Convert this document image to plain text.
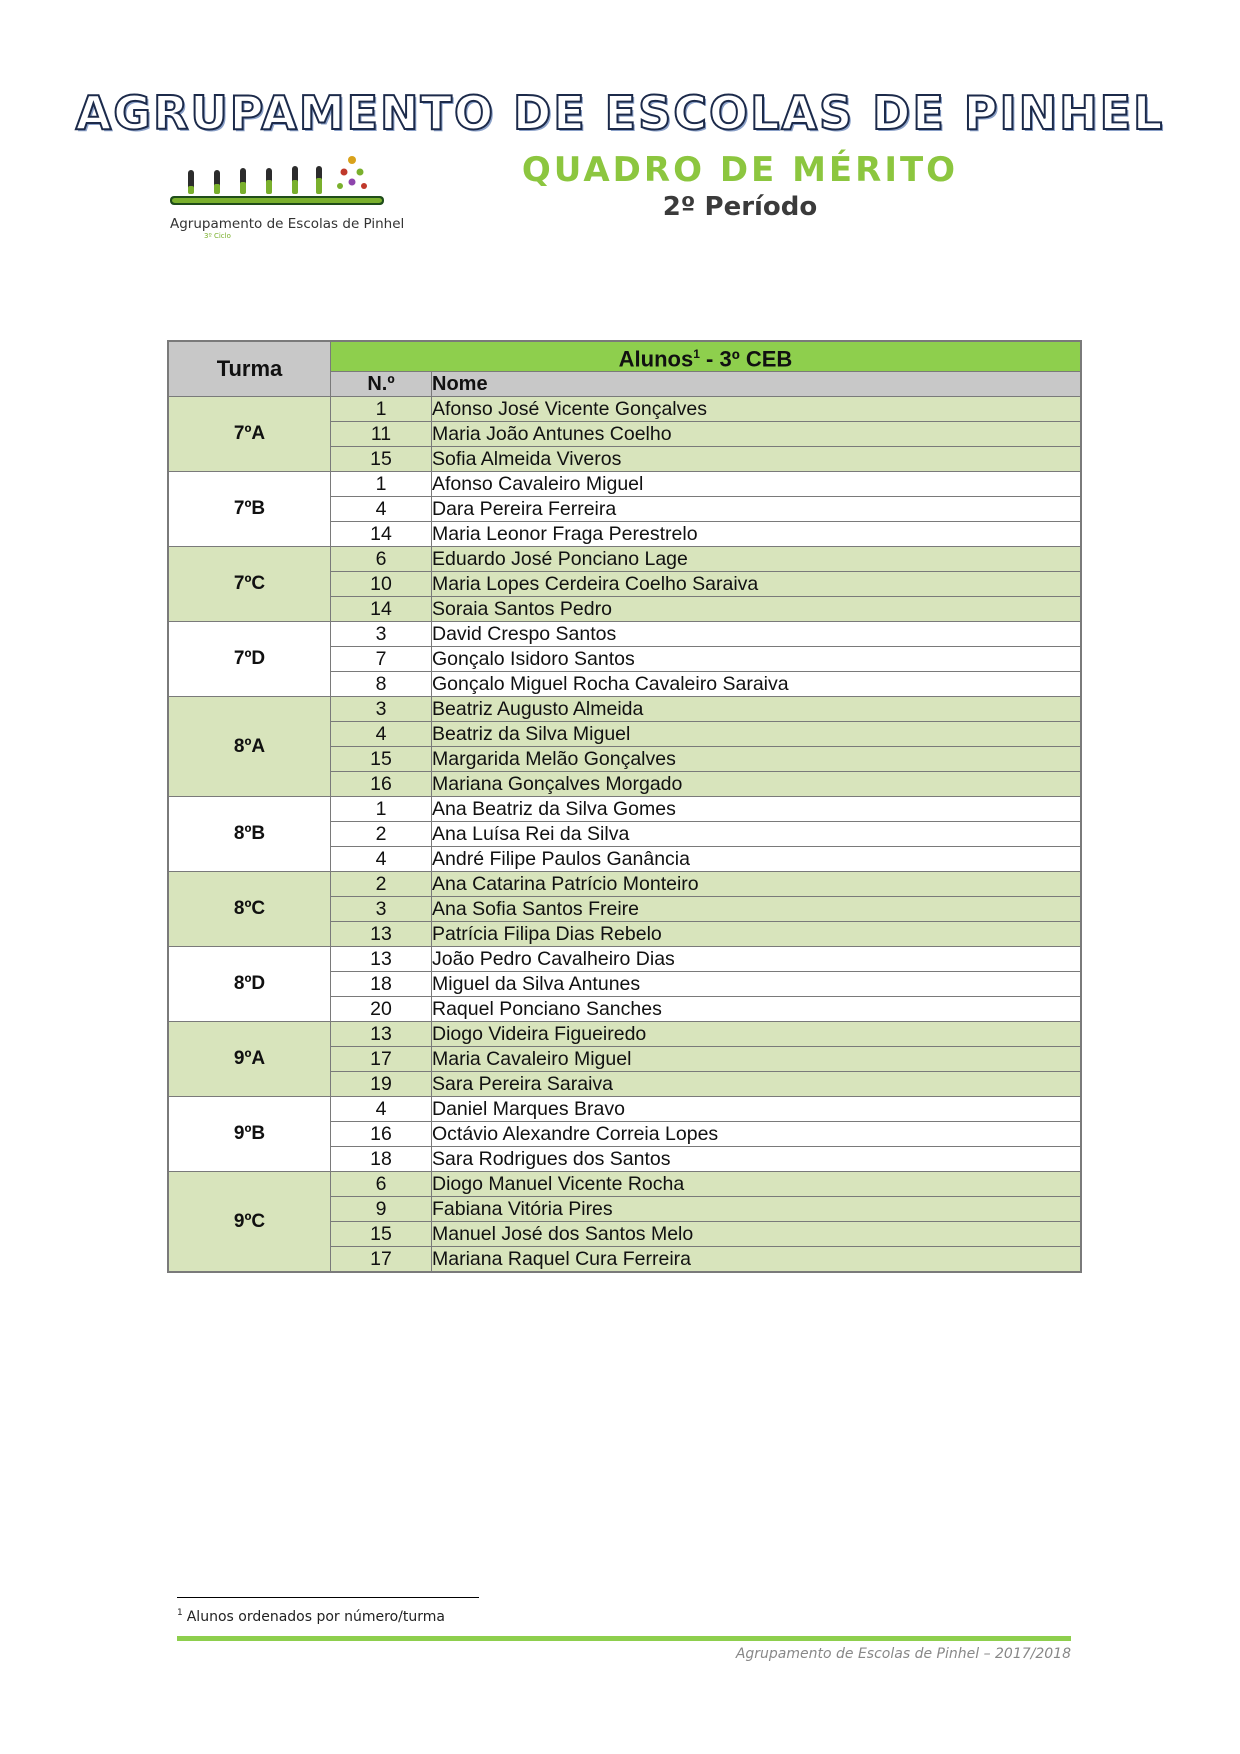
AGRUPAMENTO DE ESCOLAS DE PINHEL
Agrupamento de Escolas de Pinhel
3º Ciclo
QUADRO DE MÉRITO
2º Período
Turma	Alunos$^1$ - 3º CEB	
	N.º	Nome
7ºA	1	Afonso José Vicente Gonçalves
	11	Maria João Antunes Coelho
	15	Sofia Almeida Viveros
7ºB	1	Afonso Cavaleiro Miguel
	4	Dara Pereira Ferreira
	14	Maria Leonor Fraga Perestrelo
7ºC	6	Eduardo José Ponciano Lage
	10	Maria Lopes Cerdeira Coelho Saraiva
	14	Soraia Santos Pedro
7ºD	3	David Crespo Santos
	7	Gonçalo Isidoro Santos
	8	Gonçalo Miguel Rocha Cavaleiro Saraiva
8ºA	3	Beatriz Augusto Almeida
	4	Beatriz da Silva Miguel
	15	Margarida Melão Gonçalves
	16	Mariana Gonçalves Morgado
8ºB	1	Ana Beatriz da Silva Gomes
	2	Ana Luísa Rei da Silva
	4	André Filipe Paulos Ganância
8ºC	2	Ana Catarina Patrício Monteiro
	3	Ana Sofia Santos Freire
	13	Patrícia Filipa Dias Rebelo
8ºD	13	João Pedro Cavalheiro Dias
	18	Miguel da Silva Antunes
	20	Raquel Ponciano Sanches
9ºA	13	Diogo Videira Figueiredo
	17	Maria Cavaleiro Miguel
	19	Sara Pereira Saraiva
9ºB	4	Daniel Marques Bravo
	16	Octávio Alexandre Correia Lopes
	18	Sara Rodrigues dos Santos
9ºC	6	Diogo Manuel Vicente Rocha
	9	Fabiana Vitória Pires
	15	Manuel José dos Santos Melo
	17	Mariana Raquel Cura Ferreira
$^1$ Alunos ordenados por número/turma
Agrupamento de Escolas de Pinhel – 2017/2018
